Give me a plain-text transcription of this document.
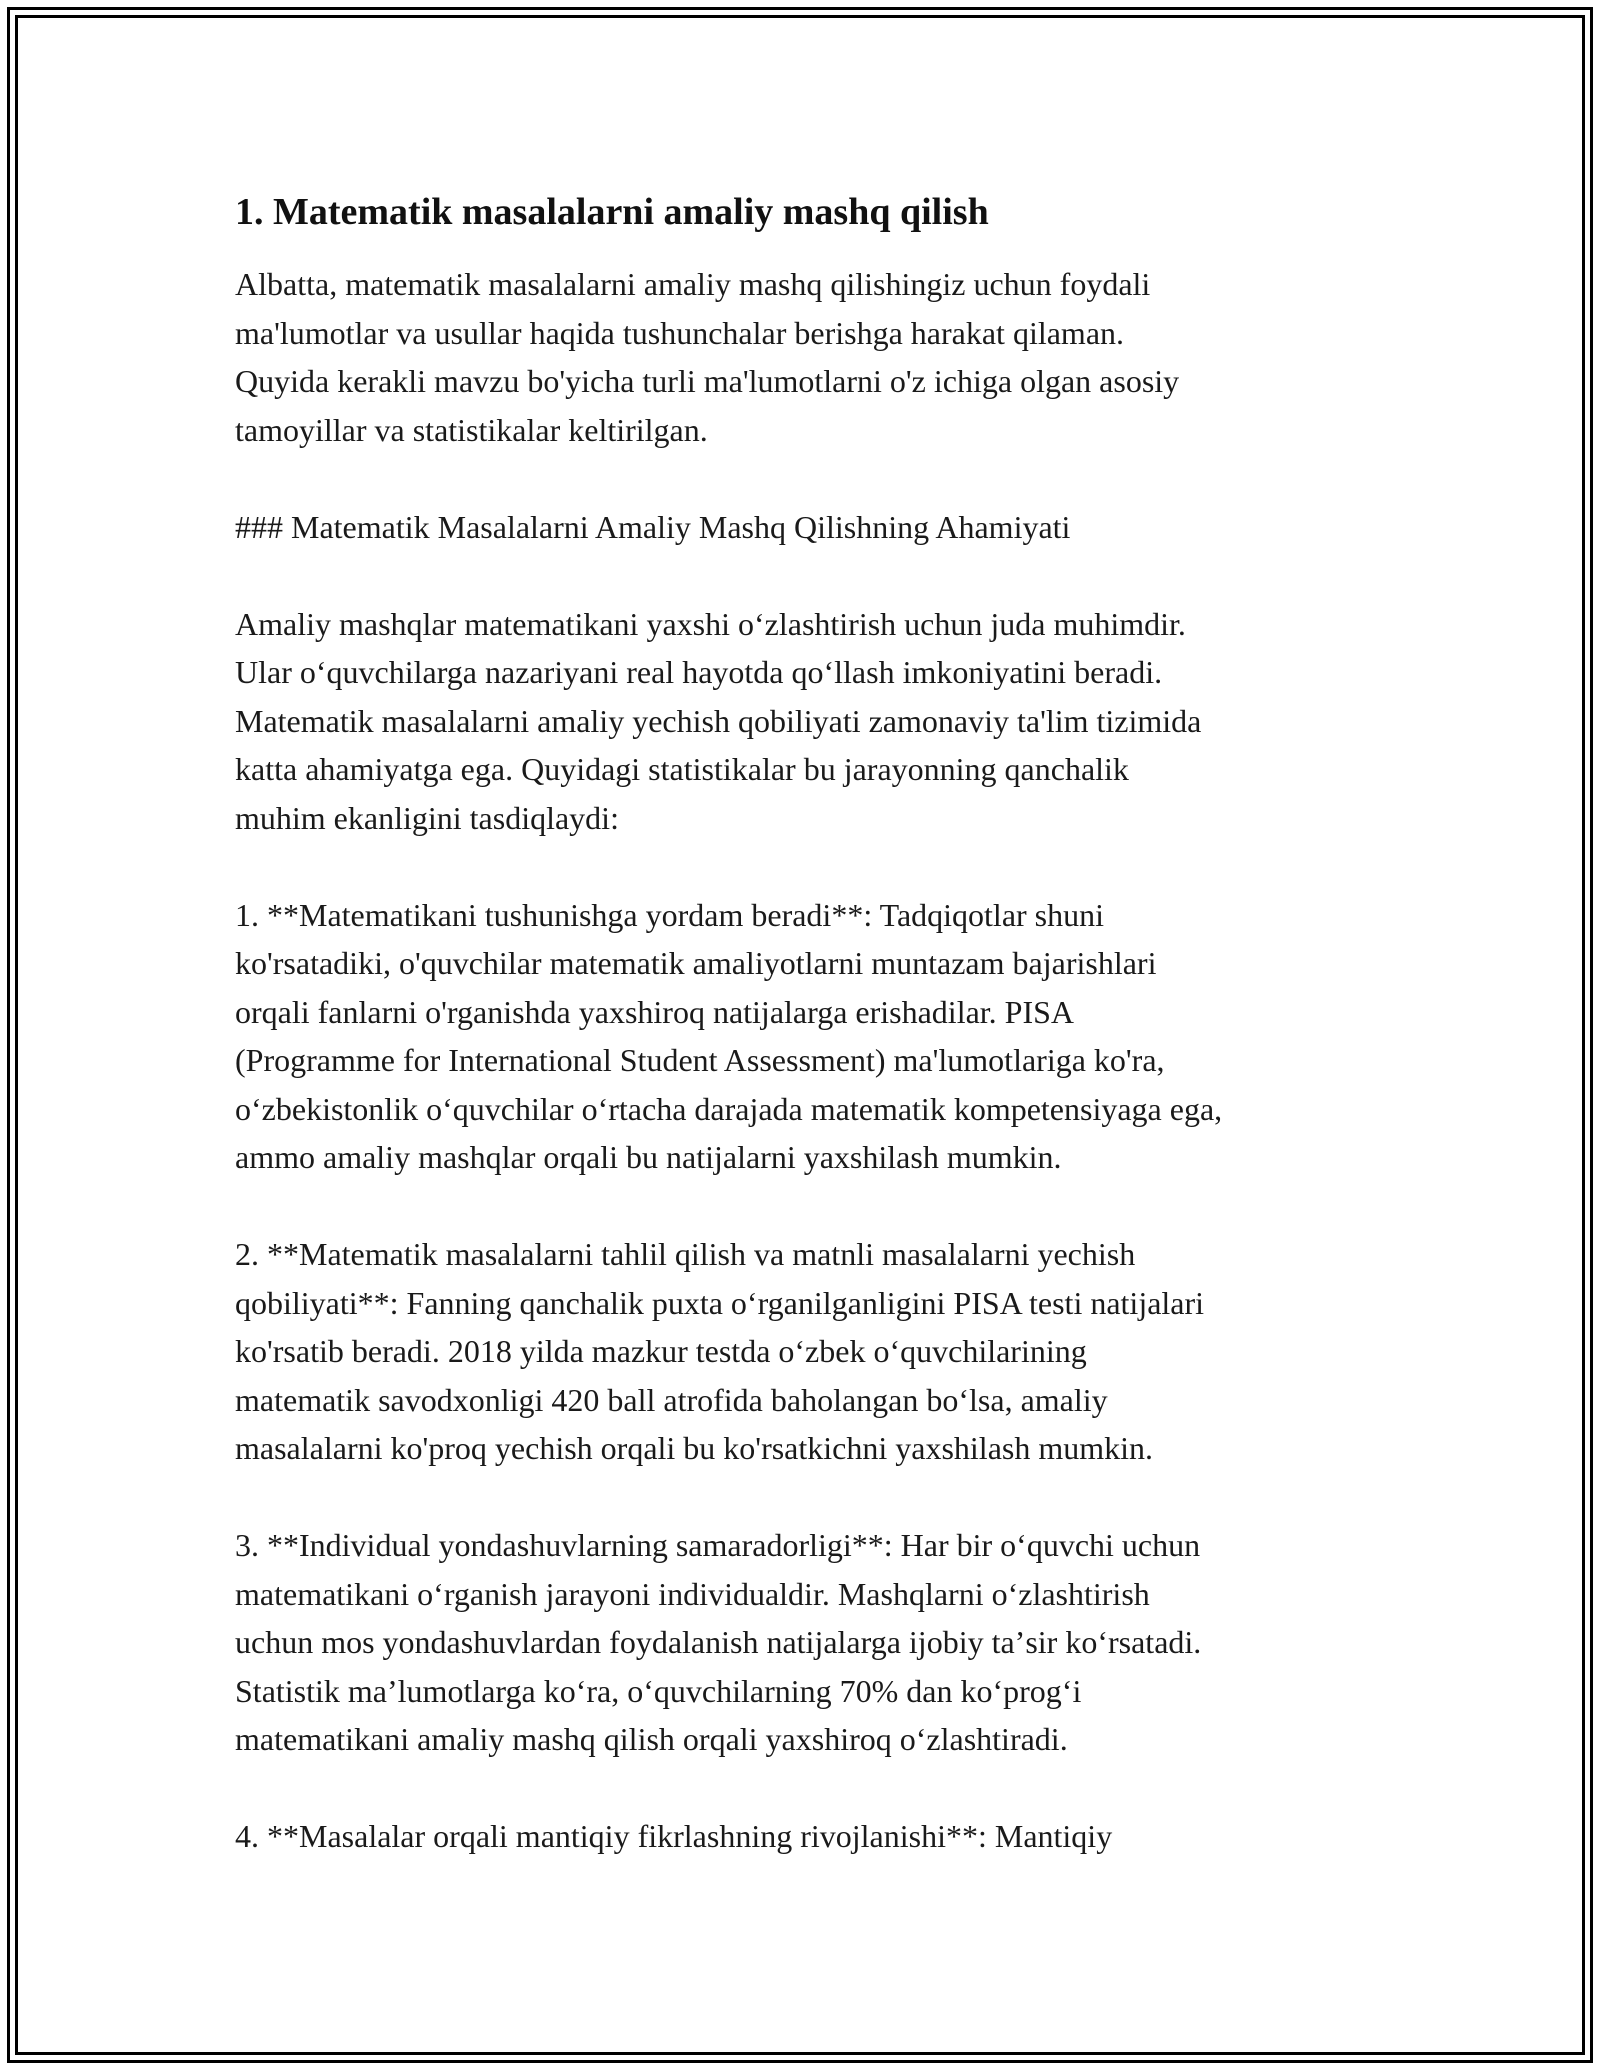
1. Matematik masalalarni amaliy mashq qilish

Albatta, matematik masalalarni amaliy mashq qilishingiz uchun foydali
ma'lumotlar va usullar haqida tushunchalar berishga harakat qilaman.
Quyida kerakli mavzu bo'yicha turli ma'lumotlarni o'z ichiga olgan asosiy
tamoyillar va statistikalar keltirilgan.

### Matematik Masalalarni Amaliy Mashq Qilishning Ahamiyati

Amaliy mashqlar matematikani yaxshi oʻzlashtirish uchun juda muhimdir.
Ular oʻquvchilarga nazariyani real hayotda qoʻllash imkoniyatini beradi.
Matematik masalalarni amaliy yechish qobiliyati zamonaviy ta'lim tizimida
katta ahamiyatga ega. Quyidagi statistikalar bu jarayonning qanchalik
muhim ekanligini tasdiqlaydi:

1. **Matematikani tushunishga yordam beradi**: Tadqiqotlar shuni
ko'rsatadiki, o'quvchilar matematik amaliyotlarni muntazam bajarishlari
orqali fanlarni o'rganishda yaxshiroq natijalarga erishadilar. PISA
(Programme for International Student Assessment) ma'lumotlariga ko'ra,
oʻzbekistonlik oʻquvchilar oʻrtacha darajada matematik kompetensiyaga ega,
ammo amaliy mashqlar orqali bu natijalarni yaxshilash mumkin.

2. **Matematik masalalarni tahlil qilish va matnli masalalarni yechish
qobiliyati**: Fanning qanchalik puxta oʻrganilganligini PISA testi natijalari
ko'rsatib beradi. 2018 yilda mazkur testda oʻzbek oʻquvchilarining
matematik savodxonligi 420 ball atrofida baholangan boʻlsa, amaliy
masalalarni ko'proq yechish orqali bu ko'rsatkichni yaxshilash mumkin.

3. **Individual yondashuvlarning samaradorligi**: Har bir oʻquvchi uchun
matematikani oʻrganish jarayoni individualdir. Mashqlarni oʻzlashtirish
uchun mos yondashuvlardan foydalanish natijalarga ijobiy taʼsir koʻrsatadi.
Statistik maʼlumotlarga koʻra, oʻquvchilarning 70% dan koʻprogʻi
matematikani amaliy mashq qilish orqali yaxshiroq oʻzlashtiradi.

4. **Masalalar orqali mantiqiy fikrlashning rivojlanishi**: Mantiqiy
